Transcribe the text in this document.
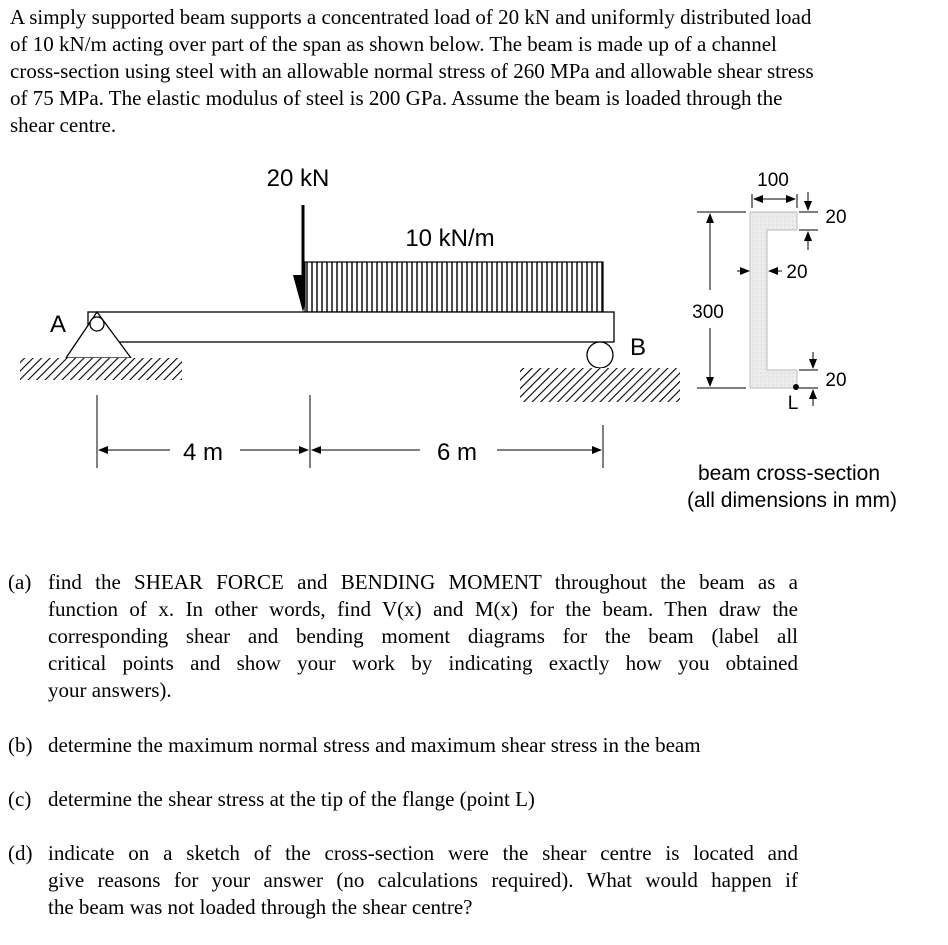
A simply supported beam supports a concentrated load of 20 kN and uniformly distributed load
of 10 kN/m acting over part of the span as shown below. The beam is made up of a channel
cross-section using steel with an allowable normal stress of 260 MPa and allowable shear stress
of 75 MPa. The elastic modulus of steel is 200 GPa. Assume the beam is loaded through the
shear centre.
20 kN
10 kN/m
A
B
4 m	6 m
100
20
20
300
20
L
beam cross-section
(all dimensions in mm)
(a) find the SHEAR FORCE and BENDING MOMENT throughout the beam as a
function of x. In other words, find V(x) and M(x) for the beam. Then draw the
corresponding shear and bending moment diagrams for the beam (label all
critical points and show your work by indicating exactly how you obtained
your answers).
(b) determine the maximum normal stress and maximum shear stress in the beam
(c) determine the shear stress at the tip of the flange (point L)
(d) indicate on a sketch of the cross-section were the shear centre is located and
give reasons for your answer (no calculations required). What would happen if
the beam was not loaded through the shear centre?
